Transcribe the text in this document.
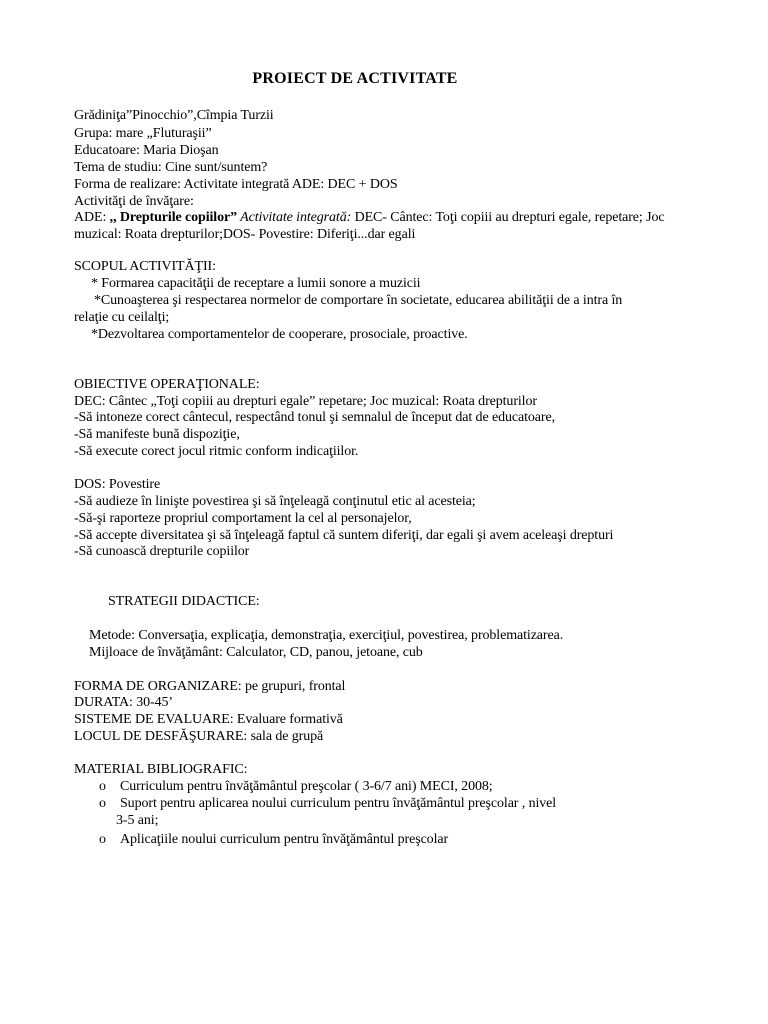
PROIECT DE ACTIVITATE
Grădiniţa”Pinocchio”,Cîmpia Turzii
Grupa: mare „Fluturaşii”
Educatoare: Maria Dioşan
Tema de studiu: Cine sunt/suntem?
Forma de realizare: Activitate integrată ADE: DEC + DOS
Activităţi de învăţare:
ADE: ,, Drepturile copiilor” Activitate integrată: DEC- Cântec: Toţi copiii au drepturi egale, repetare; Joc
muzical: Roata drepturilor;DOS- Povestire: Diferiţi...dar egali
SCOPUL ACTIVITĂŢII:
* Formarea capacităţii de receptare a lumii sonore a muzicii
*Cunoaşterea şi respectarea normelor de comportare în societate, educarea abilităţii de a intra în
relaţie cu ceilalţi;
*Dezvoltarea comportamentelor de cooperare, prosociale, proactive.
OBIECTIVE OPERAŢIONALE:
DEC: Cântec „Toţi copiii au drepturi egale” repetare; Joc muzical: Roata drepturilor
-Să intoneze corect cântecul, respectând tonul şi semnalul de început dat de educatoare,
-Să manifeste bună dispoziţie,
-Să execute corect jocul ritmic conform indicaţiilor.
DOS: Povestire
-Să audieze în linişte povestirea şi să înţeleagă conţinutul etic al acesteia;
-Să-şi raporteze propriul comportament la cel al personajelor,
-Să accepte diversitatea şi să înţeleagă faptul că suntem diferiţi, dar egali şi avem aceleaşi drepturi
-Să cunoască drepturile copiilor
STRATEGII DIDACTICE:
Metode: Conversaţia, explicaţia, demonstraţia, exerciţiul, povestirea, problematizarea.
Mijloace de învăţământ: Calculator, CD, panou, jetoane, cub
FORMA DE ORGANIZARE: pe grupuri, frontal
DURATA: 30-45’
SISTEME DE EVALUARE: Evaluare formativă
LOCUL DE DESFĂŞURARE: sala de grupă
MATERIAL BIBLIOGRAFIC:
o Curriculum pentru învăţământul preşcolar ( 3-6/7 ani) MECI, 2008;
o Suport pentru aplicarea noului curriculum pentru învăţământul preşcolar , nivel
3-5 ani;
o Aplicaţiile noului curriculum pentru învăţământul preşcolar
